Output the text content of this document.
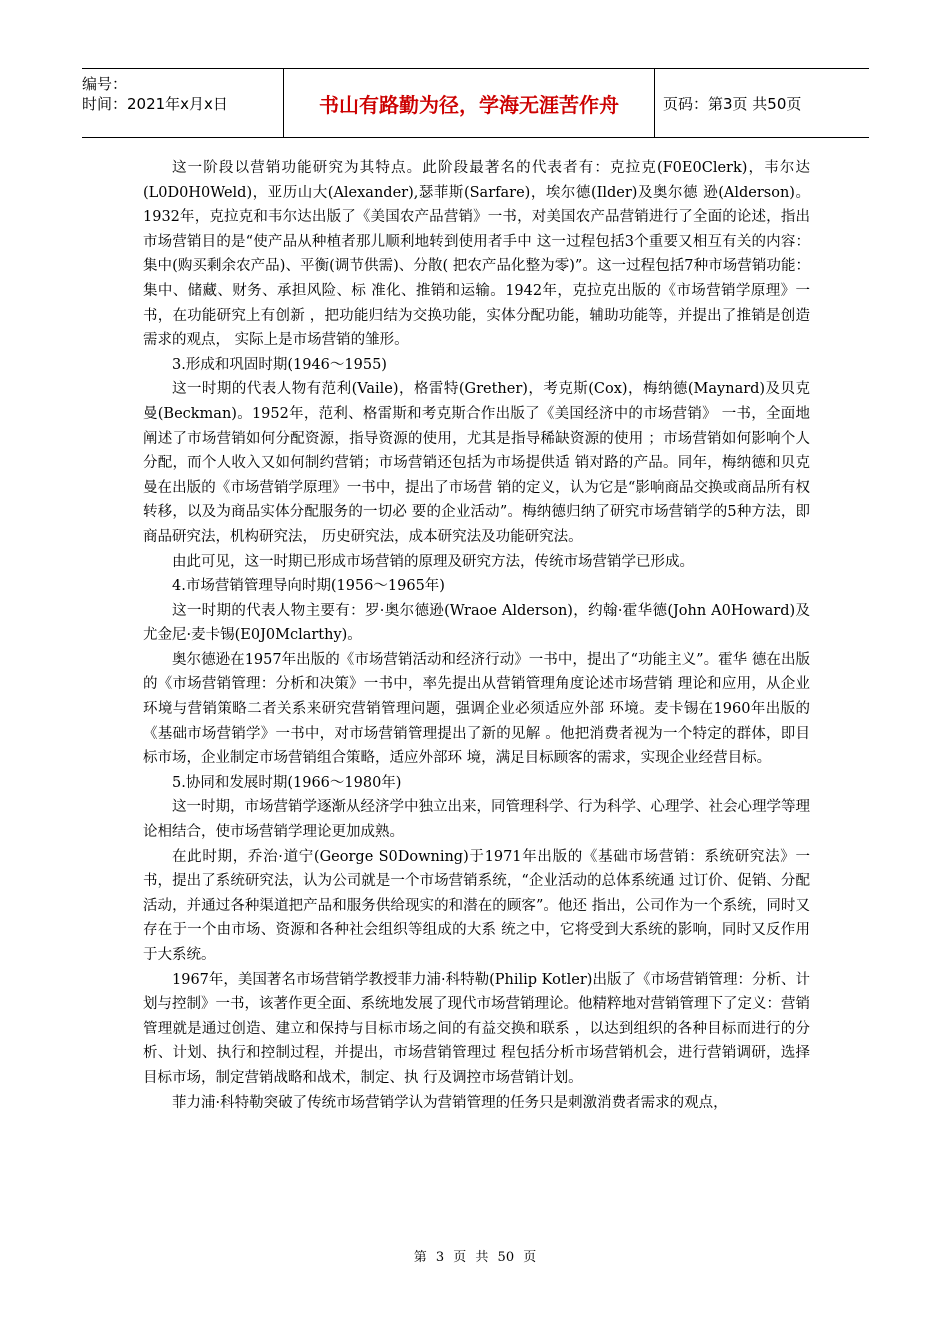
编号：
时间：2021年x月x日	书山有路勤为径，学海无涯苦作舟	页码：第3页 共50页

这一阶段以营销功能研究为其特点。此阶段最著名的代表者有：克拉克(F0E0Clerk)，韦尔达(L0D0H0Weld)，亚历山大(Alexander),瑟菲斯(Sarfare)，埃尔德(Ilder)及奥尔德 逊(Alderson)。1932年，克拉克和韦尔达出版了《美国农产品营销》一书，对美国农产品营销进行了全面的论述，指出市场营销目的是“使产品从种植者那儿顺利地转到使用者手中 这一过程包括3个重要又相互有关的内容：集中(购买剩余农产品)、平衡(调节供需)、分散( 把农产品化整为零)”。这一过程包括7种市场营销功能：集中、储藏、财务、承担风险、标 准化、推销和运输。1942年，克拉克出版的《市场营销学原理》一书，在功能研究上有创新 ，把功能归结为交换功能，实体分配功能，辅助功能等，并提出了推销是创造需求的观点， 实际上是市场营销的雏形。

3.形成和巩固时期(1946～1955)

这一时期的代表人物有范利(Vaile)，格雷特(Grether)，考克斯(Cox)，梅纳德(Maynard)及贝克曼(Beckman)。1952年，范利、格雷斯和考克斯合作出版了《美国经济中的市场营销》 一书，全面地阐述了市场营销如何分配资源，指导资源的使用，尤其是指导稀缺资源的使用 ；市场营销如何影响个人分配，而个人收入又如何制约营销；市场营销还包括为市场提供适 销对路的产品。同年，梅纳德和贝克曼在出版的《市场营销学原理》一书中，提出了市场营 销的定义，认为它是“影响商品交换或商品所有权转移，以及为商品实体分配服务的一切必 要的企业活动”。梅纳德归纳了研究市场营销学的5种方法，即商品研究法，机构研究法， 历史研究法，成本研究法及功能研究法。

由此可见，这一时期已形成市场营销的原理及研究方法，传统市场营销学已形成。

4.市场营销管理导向时期(1956～1965年)

这一时期的代表人物主要有：罗·奥尔德逊(Wraoe Alderson)，约翰·霍华德(John A0Howard)及尤金尼·麦卡锡(E0J0Mclarthy)。

奥尔德逊在1957年出版的《市场营销活动和经济行动》一书中，提出了“功能主义”。霍华 德在出版的《市场营销管理：分析和决策》一书中，率先提出从营销管理角度论述市场营销 理论和应用，从企业环境与营销策略二者关系来研究营销管理问题，强调企业必须适应外部 环境。麦卡锡在1960年出版的《基础市场营销学》一书中，对市场营销管理提出了新的见解 。他把消费者视为一个特定的群体，即目标市场，企业制定市场营销组合策略，适应外部环 境，满足目标顾客的需求，实现企业经营目标。

5.协同和发展时期(1966～1980年)

这一时期，市场营销学逐渐从经济学中独立出来，同管理科学、行为科学、心理学、社会心理学等理论相结合，使市场营销学理论更加成熟。

在此时期，乔治·道宁(George S0Downing)于1971年出版的《基础市场营销：系统研究法》一书，提出了系统研究法，认为公司就是一个市场营销系统，“企业活动的总体系统通 过订价、促销、分配活动，并通过各种渠道把产品和服务供给现实的和潜在的顾客”。他还 指出，公司作为一个系统，同时又存在于一个由市场、资源和各种社会组织等组成的大系 统之中，它将受到大系统的影响，同时又反作用于大系统。

1967年，美国著名市场营销学教授菲力浦·科特勒(Philip Kotler)出版了《市场营销管理：分析、计划与控制》一书，该著作更全面、系统地发展了现代市场营销理论。他精粹地对营销管理下了定义：营销管理就是通过创造、建立和保持与目标市场之间的有益交换和联系 ，以达到组织的各种目标而进行的分析、计划、执行和控制过程，并提出，市场营销管理过 程包括分析市场营销机会，进行营销调研，选择目标市场，制定营销战略和战术，制定、执 行及调控市场营销计划。

菲力浦·科特勒突破了传统市场营销学认为营销管理的任务只是刺激消费者需求的观点，

第 3 页 共 50 页
